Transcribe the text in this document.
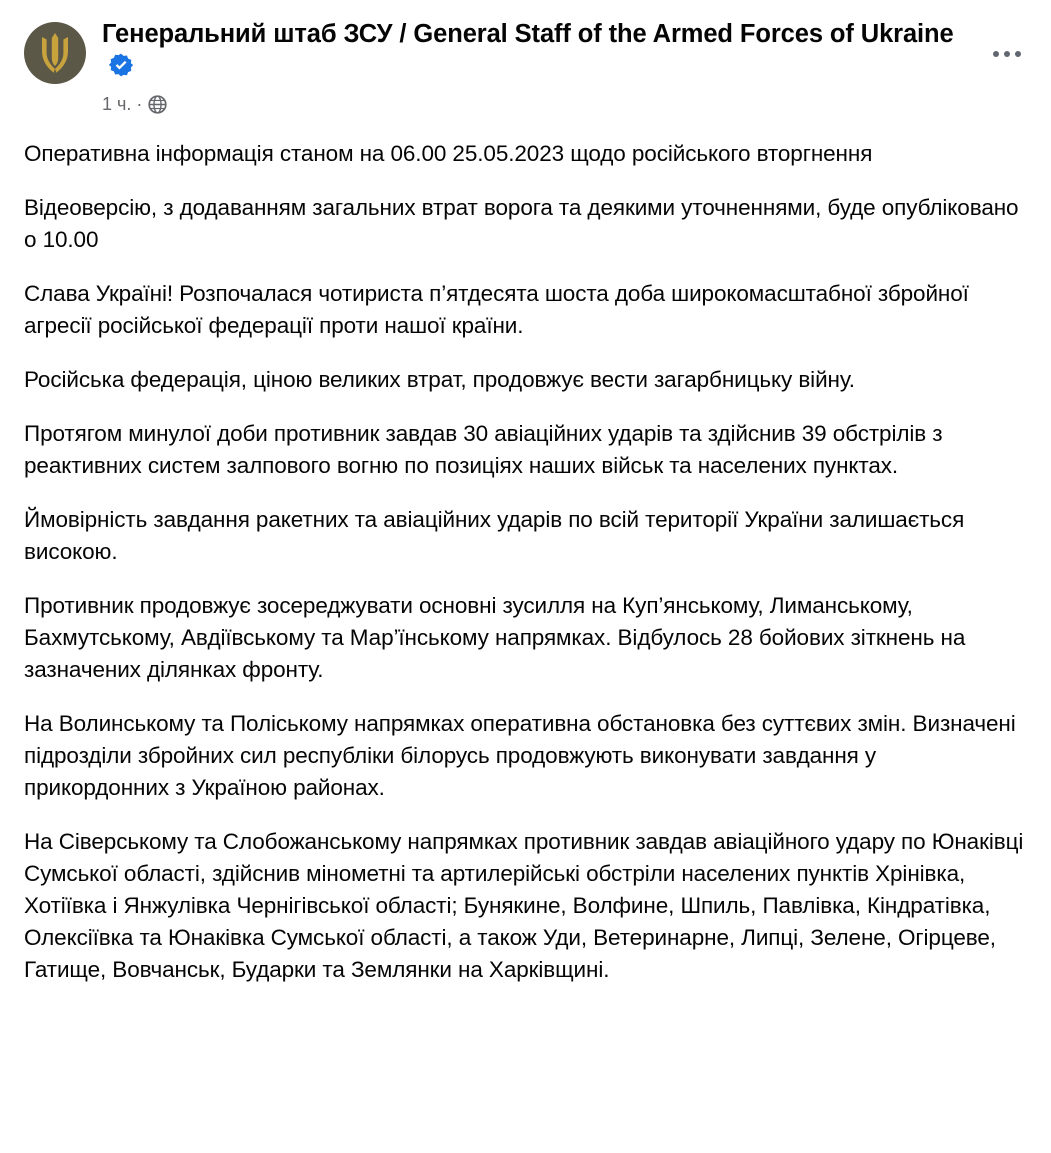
Генеральний штаб ЗСУ / General Staff of the Armed Forces of Ukraine
1 ч. ·

Оперативна інформація станом на 06.00 25.05.2023 щодо російського вторгнення

Відеоверсію, з додаванням загальних втрат ворога та деякими уточненнями, буде опубліковано о 10.00

Слава Україні! Розпочалася чотириста п’ятдесята шоста доба широкомасштабної збройної агресії російської федерації проти нашої країни.

Російська федерація, ціною великих втрат, продовжує вести загарбницьку війну.

Протягом минулої доби противник завдав 30 авіаційних ударів та здійснив 39 обстрілів з реактивних систем залпового вогню по позиціях наших військ та населених пунктах.

Ймовірність завдання ракетних та авіаційних ударів по всій території України залишається високою.

Противник продовжує зосереджувати основні зусилля на Куп’янському, Лиманському, Бахмутському, Авдіївському та Мар’їнському напрямках. Відбулось 28 бойових зіткнень на зазначених ділянках фронту.

На Волинському та Поліському напрямках оперативна обстановка без суттєвих змін. Визначені підрозділи збройних сил республіки білорусь продовжують виконувати завдання у прикордонних з Україною районах.

На Сіверському та Слобожанському напрямках противник завдав авіаційного удару по Юнаківці Сумської області, здійснив мінометні та артилерійські обстріли населених пунктів Хрінівка, Хотіївка і Янжулівка Чернігівської області; Бунякине, Волфине, Шпиль, Павлівка, Кіндратівка, Олексіївка та Юнаківка Сумської області, а також Уди, Ветеринарне, Липці, Зелене, Огірцеве, Гатище, Вовчанськ, Бударки та Землянки на Харківщині.
